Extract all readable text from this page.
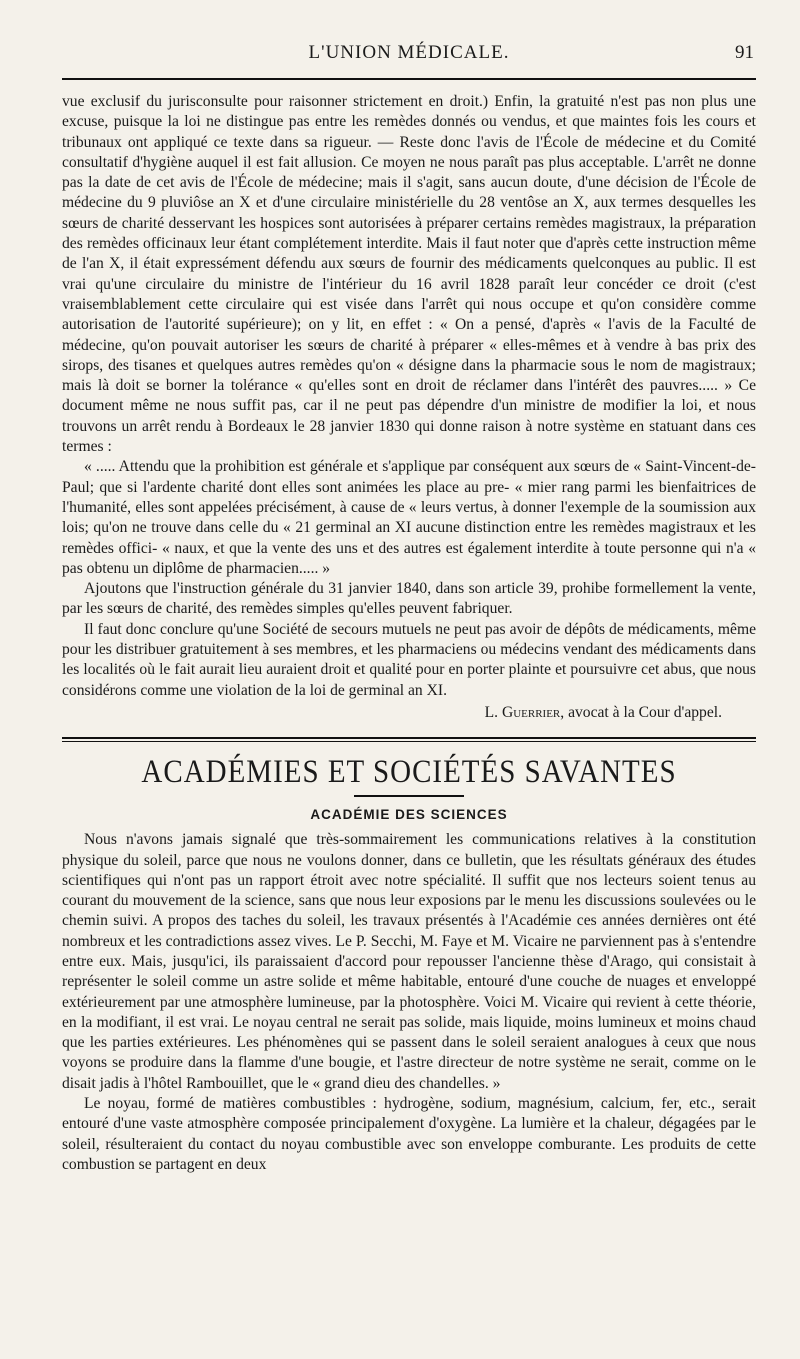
L'UNION MÉDICALE.	91

vue exclusif du jurisconsulte pour raisonner strictement en droit.) Enfin, la gratuité n'est pas non plus une excuse, puisque la loi ne distingue pas entre les remèdes donnés ou vendus, et que maintes fois les cours et tribunaux ont appliqué ce texte dans sa rigueur. — Reste donc l'avis de l'École de médecine et du Comité consultatif d'hygiène auquel il est fait allusion. Ce moyen ne nous paraît pas plus acceptable. L'arrêt ne donne pas la date de cet avis de l'École de médecine; mais il s'agit, sans aucun doute, d'une décision de l'École de médecine du 9 pluviôse an X et d'une circulaire ministérielle du 28 ventôse an X, aux termes desquelles les sœurs de charité desservant les hospices sont autorisées à préparer certains remèdes magistraux, la préparation des remèdes officinaux leur étant complétement interdite. Mais il faut noter que d'après cette instruction même de l'an X, il était expressément défendu aux sœurs de fournir des médicaments quelconques au public. Il est vrai qu'une circulaire du ministre de l'intérieur du 16 avril 1828 paraît leur concéder ce droit (c'est vraisemblablement cette circulaire qui est visée dans l'arrêt qui nous occupe et qu'on considère comme autorisation de l'autorité supérieure); on y lit, en effet : « On a pensé, d'après « l'avis de la Faculté de médecine, qu'on pouvait autoriser les sœurs de charité à préparer « elles-mêmes et à vendre à bas prix des sirops, des tisanes et quelques autres remèdes qu'on « désigne dans la pharmacie sous le nom de magistraux; mais là doit se borner la tolérance « qu'elles sont en droit de réclamer dans l'intérêt des pauvres..... » Ce document même ne nous suffit pas, car il ne peut pas dépendre d'un ministre de modifier la loi, et nous trouvons un arrêt rendu à Bordeaux le 28 janvier 1830 qui donne raison à notre système en statuant dans ces termes :

« ..... Attendu que la prohibition est générale et s'applique par conséquent aux sœurs de « Saint-Vincent-de-Paul; que si l'ardente charité dont elles sont animées les place au pre- « mier rang parmi les bienfaitrices de l'humanité, elles sont appelées précisément, à cause de « leurs vertus, à donner l'exemple de la soumission aux lois; qu'on ne trouve dans celle du « 21 germinal an XI aucune distinction entre les remèdes magistraux et les remèdes offici- « naux, et que la vente des uns et des autres est également interdite à toute personne qui n'a « pas obtenu un diplôme de pharmacien..... »

Ajoutons que l'instruction générale du 31 janvier 1840, dans son article 39, prohibe formellement la vente, par les sœurs de charité, des remèdes simples qu'elles peuvent fabriquer.

Il faut donc conclure qu'une Société de secours mutuels ne peut pas avoir de dépôts de médicaments, même pour les distribuer gratuitement à ses membres, et les pharmaciens ou médecins vendant des médicaments dans les localités où le fait aurait lieu auraient droit et qualité pour en porter plainte et poursuivre cet abus, que nous considérons comme une violation de la loi de germinal an XI.

L. Guerrier, avocat à la Cour d'appel.
ACADÉMIES ET SOCIÉTÉS SAVANTES
ACADÉMIE DES SCIENCES

Nous n'avons jamais signalé que très-sommairement les communications relatives à la constitution physique du soleil, parce que nous ne voulons donner, dans ce bulletin, que les résultats généraux des études scientifiques qui n'ont pas un rapport étroit avec notre spécialité. Il suffit que nos lecteurs soient tenus au courant du mouvement de la science, sans que nous leur exposions par le menu les discussions soulevées ou le chemin suivi. A propos des taches du soleil, les travaux présentés à l'Académie ces années dernières ont été nombreux et les contradictions assez vives. Le P. Secchi, M. Faye et M. Vicaire ne parviennent pas à s'entendre entre eux. Mais, jusqu'ici, ils paraissaient d'accord pour repousser l'ancienne thèse d'Arago, qui consistait à représenter le soleil comme un astre solide et même habitable, entouré d'une couche de nuages et enveloppé extérieurement par une atmosphère lumineuse, par la photosphère. Voici M. Vicaire qui revient à cette théorie, en la modifiant, il est vrai. Le noyau central ne serait pas solide, mais liquide, moins lumineux et moins chaud que les parties extérieures. Les phénomènes qui se passent dans le soleil seraient analogues à ceux que nous voyons se produire dans la flamme d'une bougie, et l'astre directeur de notre système ne serait, comme on le disait jadis à l'hôtel Rambouillet, que le « grand dieu des chandelles. »

Le noyau, formé de matières combustibles : hydrogène, sodium, magnésium, calcium, fer, etc., serait entouré d'une vaste atmosphère composée principalement d'oxygène. La lumière et la chaleur, dégagées par le soleil, résulteraient du contact du noyau combustible avec son enveloppe comburante. Les produits de cette combustion se partagent en deux
